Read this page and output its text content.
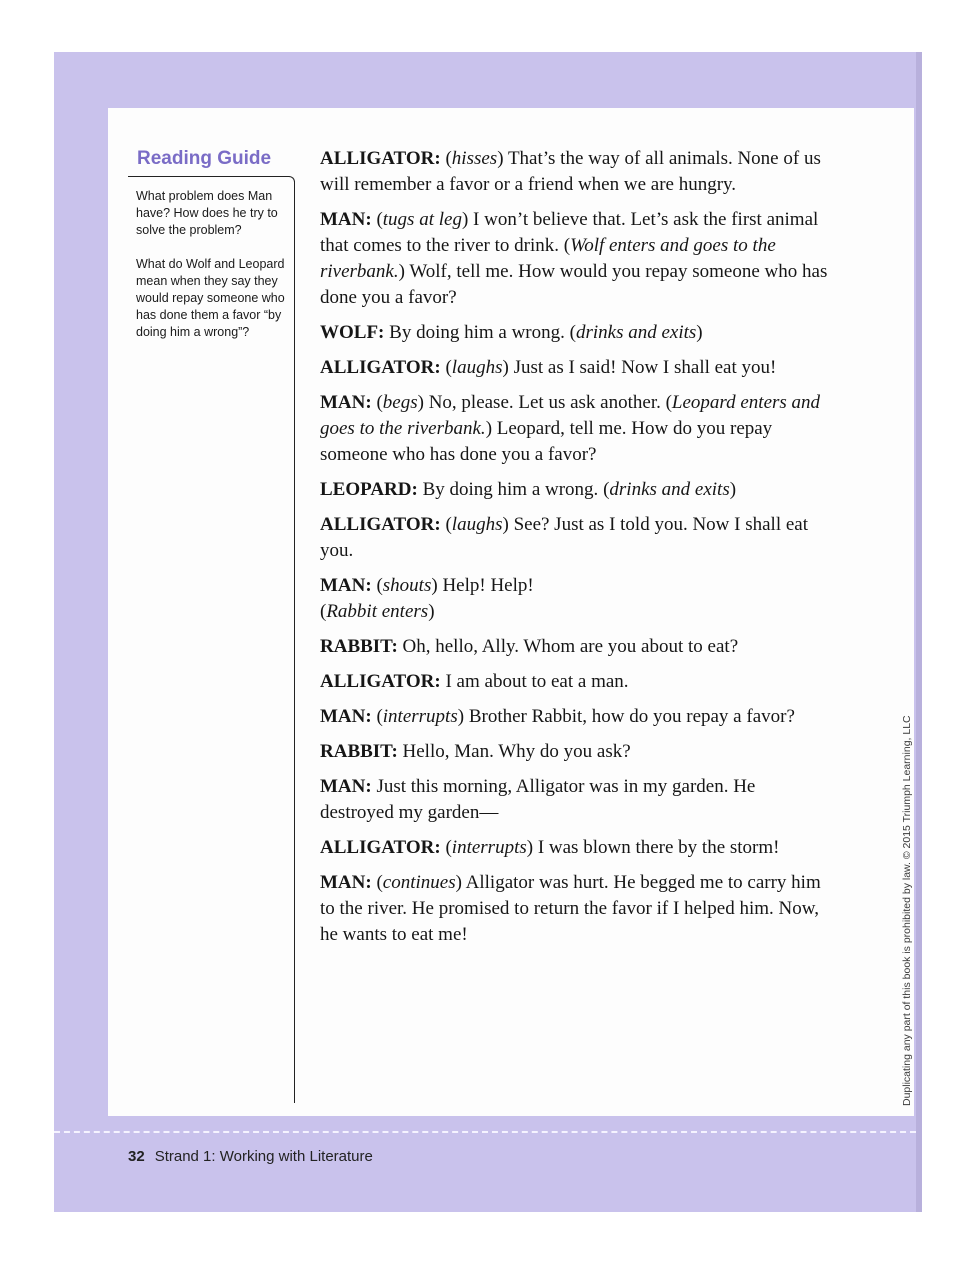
Reading Guide
What problem does Man have? How does he try to solve the problem?
What do Wolf and Leopard mean when they say they would repay someone who has done them a favor “by doing him a wrong”?

ALLIGATOR: (hisses) That’s the way of all animals. None of us will remember a favor or a friend when we are hungry.

MAN: (tugs at leg) I won’t believe that. Let’s ask the first animal that comes to the river to drink. (Wolf enters and goes to the riverbank.) Wolf, tell me. How would you repay someone who has done you a favor?

WOLF: By doing him a wrong. (drinks and exits)

ALLIGATOR: (laughs) Just as I said! Now I shall eat you!

MAN: (begs) No, please. Let us ask another. (Leopard enters and goes to the riverbank.) Leopard, tell me. How do you repay someone who has done you a favor?

LEOPARD: By doing him a wrong. (drinks and exits)

ALLIGATOR: (laughs) See? Just as I told you. Now I shall eat you.

MAN: (shouts) Help! Help!

(Rabbit enters)

RABBIT: Oh, hello, Ally. Whom are you about to eat?

ALLIGATOR: I am about to eat a man.

MAN: (interrupts) Brother Rabbit, how do you repay a favor?

RABBIT: Hello, Man. Why do you ask?

MAN: Just this morning, Alligator was in my garden. He destroyed my garden—

ALLIGATOR: (interrupts) I was blown there by the storm!

MAN: (continues) Alligator was hurt. He begged me to carry him to the river. He promised to return the favor if I helped him. Now, he wants to eat me!	Duplicating any part of this book is prohibited by law. © 2015 Triumph Learning, LLC
32 Strand 1: Working with Literature
